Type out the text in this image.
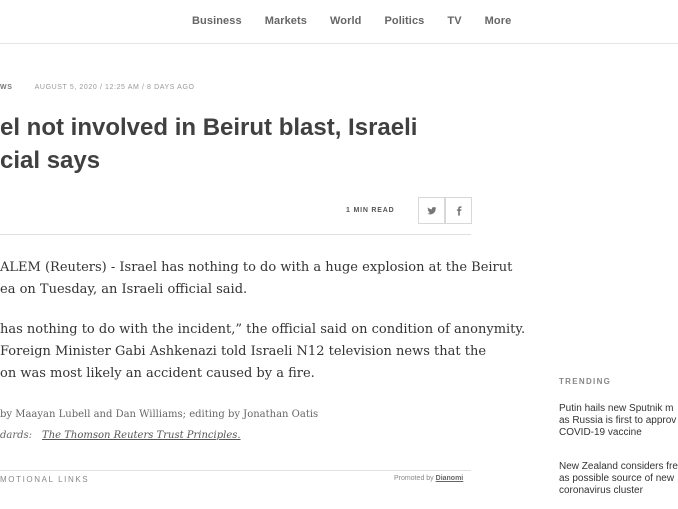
Business Markets World Politics TV More
WS	AUGUST 5, 2020 / 12:25 AM / 8 DAYS AGO
el not involved in Beirut blast, Israeli
cial says
1 MIN READ

ALEM (Reuters) - Israel has nothing to do with a huge explosion at the Beirut

ea on Tuesday, an Israeli official said.

has nothing to do with the incident,” the official said on condition of anonymity.

Foreign Minister Gabi Ashkenazi told Israeli N12 television news that the

on was most likely an accident caused by a fire.

by Maayan Lubell and Dan Williams; editing by Jonathan Oatis
dards: The Thomson Reuters Trust Principles.
MOTIONAL LINKS	Promoted by Dianomi
TRENDING
Putin hails new Sputnik m
as Russia is first to approv
COVID-19 vaccine
New Zealand considers fre
as possible source of new
coronavirus cluster
